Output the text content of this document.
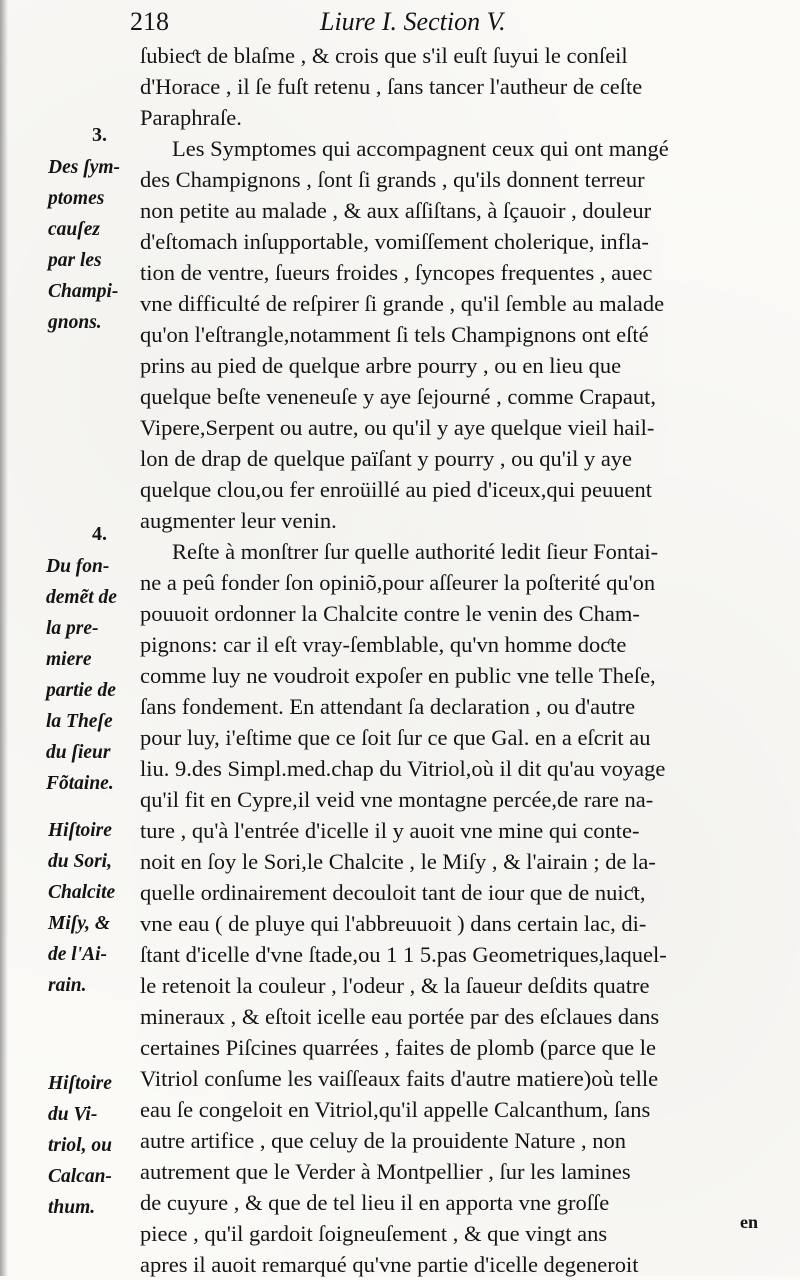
218	Liure I. Section V.
ſubieƈt de blaſme , & crois que s'il euſt ſuyui le conſeil
d'Horace , il ſe fuſt retenu , ſans tancer l'autheur de ceſte
Paraphraſe.
Les Symptomes qui accompagnent ceux qui ont mangé
des Champignons , ſont ſi grands , qu'ils donnent terreur
non petite au malade , & aux aſſiſtans, à ſçauoir , douleur
d'eſtomach inſupportable, vomiſſement cholerique, infla-
tion de ventre, ſueurs froides , ſyncopes frequentes , auec
vne difficulté de reſpirer ſi grande , qu'il ſemble au malade
qu'on l'eſtrangle,notamment ſi tels Champignons ont eſté
prins au pied de quelque arbre pourry , ou en lieu que
quelque beſte veneneuſe y aye ſejourné , comme Crapaut,
Vipere,Serpent ou autre, ou qu'il y aye quelque vieil hail-
lon de drap de quelque païſant y pourry , ou qu'il y aye
quelque clou,ou fer enroüillé au pied d'iceux,qui peuuent
augmenter leur venin.
Reſte à monſtrer ſur quelle authorité ledit ſieur Fontai-
ne a peû fonder ſon opiniõ,pour aſſeurer la poſterité qu'on
pouuoit ordonner la Chalcite contre le venin des Cham-
pignons: car il eſt vray-ſemblable, qu'vn homme doƈte
comme luy ne voudroit expoſer en public vne telle Theſe,
ſans fondement. En attendant ſa declaration , ou d'autre
pour luy, i'eſtime que ce ſoit ſur ce que Gal. en a eſcrit au
liu. 9.des Simpl.med.chap du Vitriol,où il dit qu'au voyage
qu'il fit en Cypre,il veid vne montagne percée,de rare na-
ture , qu'à l'entrée d'icelle il y auoit vne mine qui conte-
noit en ſoy le Sori,le Chalcite , le Miſy , & l'airain ; de la-
quelle ordinairement decouloit tant de iour que de nuiƈt,
vne eau ( de pluye qui l'abbreuuoit ) dans certain lac, di-
ſtant d'icelle d'vne ſtade,ou 1 1 5.pas Geometriques,laquel-
le retenoit la couleur , l'odeur , & la ſaueur deſdits quatre
mineraux , & eſtoit icelle eau portée par des eſclaues dans
certaines Piſcines quarrées , faites de plomb (parce que le
Vitriol conſume les vaiſſeaux faits d'autre matiere)où telle
eau ſe congeloit en Vitriol,qu'il appelle Calcanthum, ſans
autre artifice , que celuy de la prouidente Nature , non
autrement que le Verder à Montpellier , ſur les lamines
de cuyure , & que de tel lieu il en apporta vne groſſe
piece , qu'il gardoit ſoigneuſement , & que vingt ans
apres il auoit remarqué qu'vne partie d'icelle degeneroit
3.
4.
Des ſym-
ptomes
cauſez
par les
Champi-
gnons.
Du fon-
demẽt de
la pre-
miere
partie de
la Theſe
du ſieur
Fõtaine.
Hiſtoire
du Sori,
Chalcite
Miſy, &
de l'Ai-
rain.
Hiſtoire
du Vi-
triol, ou
Calcan-
thum.
en
